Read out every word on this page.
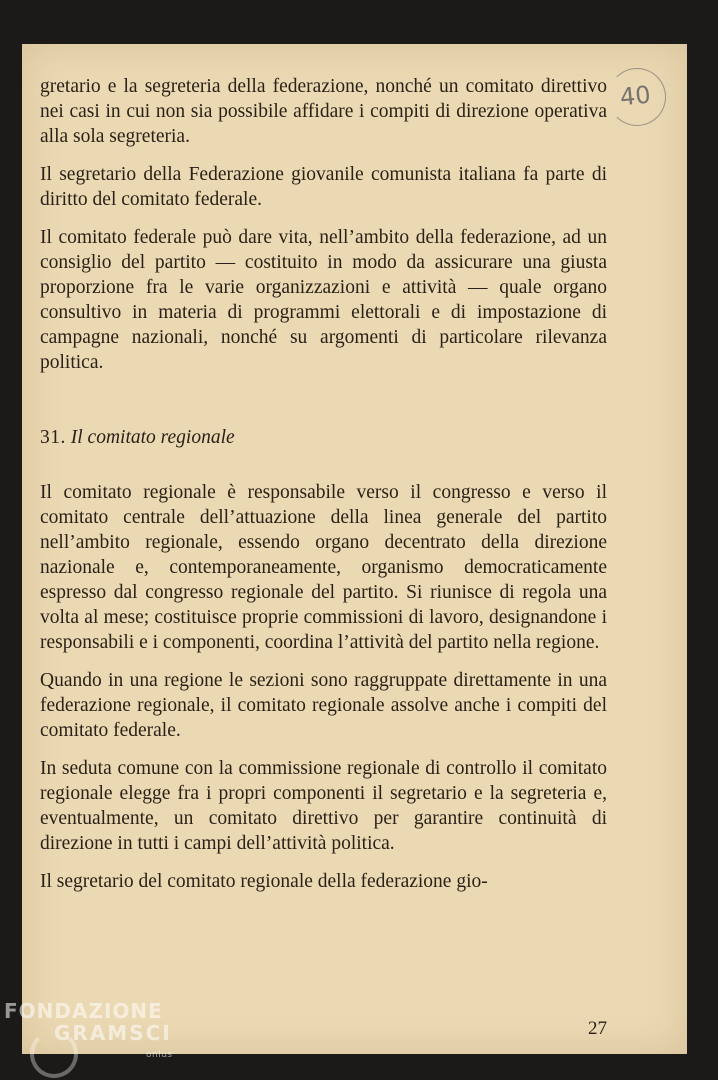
40

gretario e la segreteria della federazione, nonché un comitato direttivo nei casi in cui non sia possibile affidare i compiti di direzione operativa alla sola segreteria.

Il segretario della Federazione giovanile comunista italiana fa parte di diritto del comitato federale.

Il comitato federale può dare vita, nell’ambito della federazione, ad un consiglio del partito — costituito in modo da assicurare una giusta proporzione fra le varie organizzazioni e attività — quale organo consultivo in materia di programmi elettorali e di impostazione di campagne nazionali, nonché su argomenti di particolare rilevanza politica.

31. Il comitato regionale

Il comitato regionale è responsabile verso il congresso e verso il comitato centrale dell’attuazione della linea generale del partito nell’ambito regionale, essendo organo decentrato della direzione nazionale e, contemporaneamente, organismo democraticamente espresso dal congresso regionale del partito. Si riunisce di regola una volta al mese; costituisce proprie commissioni di lavoro, designandone i responsabili e i componenti, coordina l’attività del partito nella regione.

Quando in una regione le sezioni sono raggruppate direttamente in una federazione regionale, il comitato regionale assolve anche i compiti del comitato federale.

In seduta comune con la commissione regionale di controllo il comitato regionale elegge fra i propri componenti il segretario e la segreteria e, eventualmente, un comitato direttivo per garantire continuità di direzione in tutti i campi dell’attività politica.

Il segretario del comitato regionale della federazione gio-

27
FONDAZIONE
GRAMSCI
onlus
